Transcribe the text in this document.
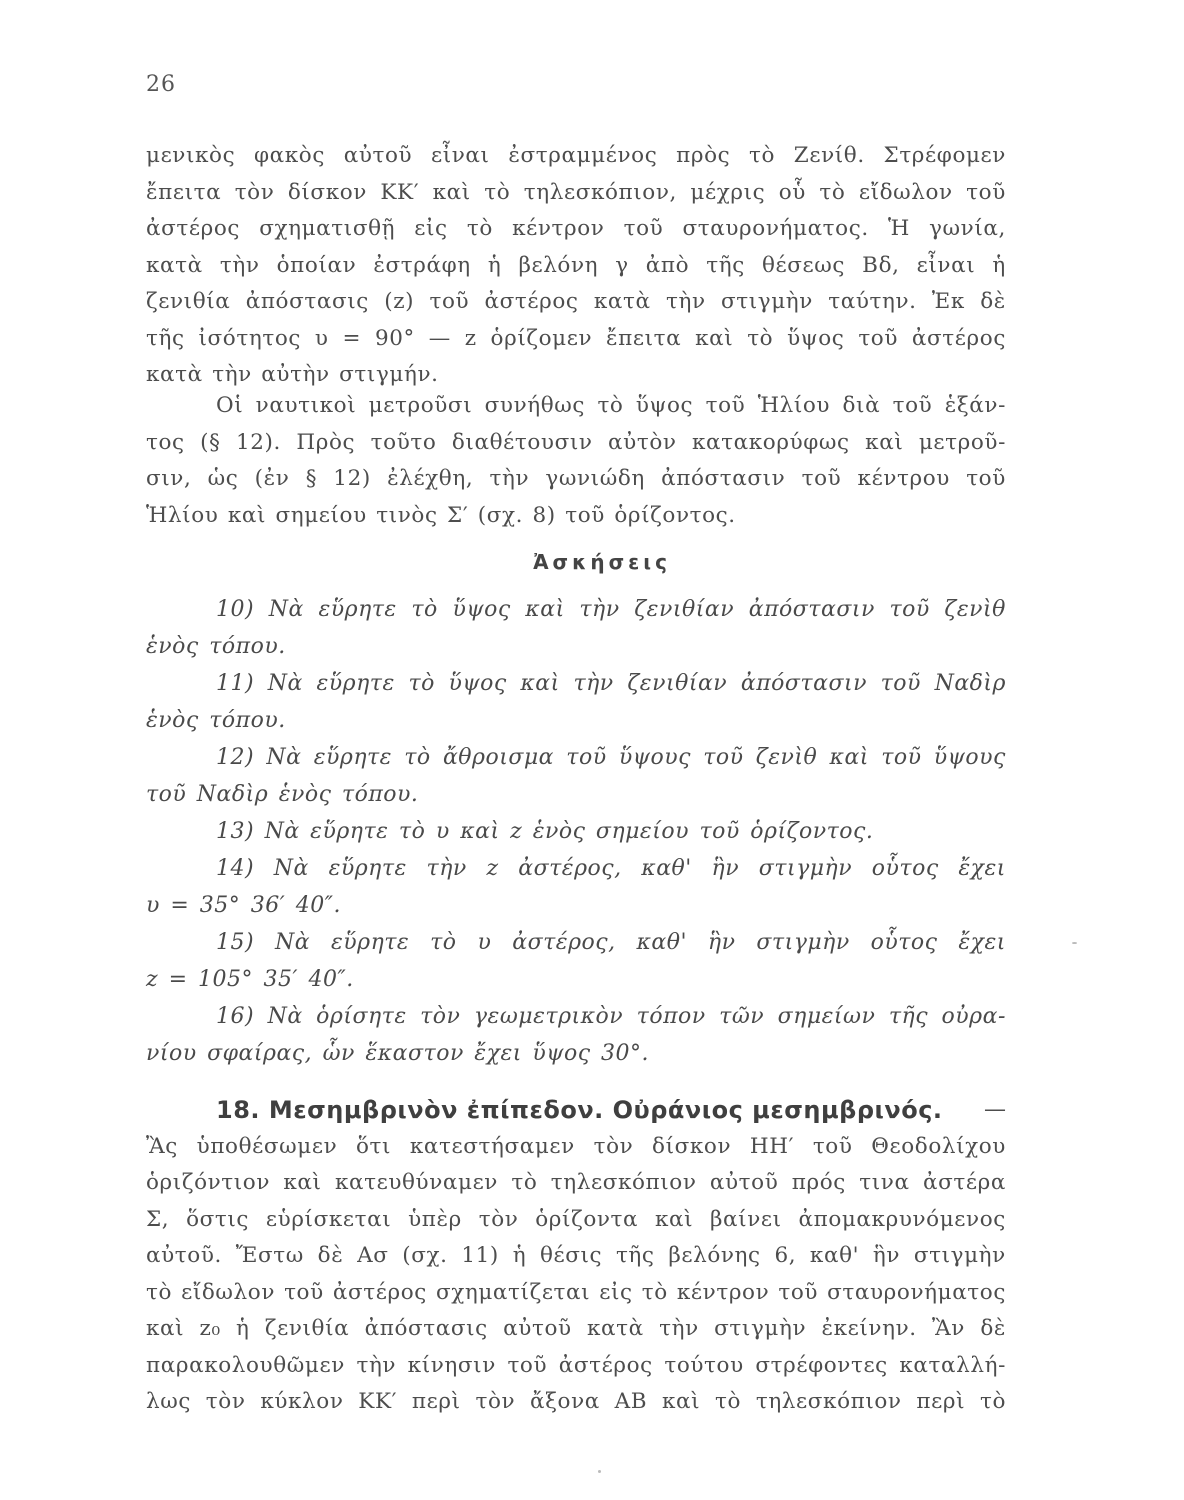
26
μενικὸς φακὸς αὐτοῦ εἶναι ἐστραμμένος πρὸς τὸ Ζενίθ. Στρέφομεν
ἔπειτα τὸν δίσκον ΚΚ′ καὶ τὸ τηλεσκόπιον, μέχρις οὗ τὸ εἴδωλον τοῦ
ἀστέρος σχηματισθῇ εἰς τὸ κέντρον τοῦ σταυρονήματος. Ἡ γωνία,
κατὰ τὴν ὁποίαν ἐστράφη ἡ βελόνη γ ἀπὸ τῆς θέσεως Βδ, εἶναι ἡ
ζενιθία ἀπόστασις (z) τοῦ ἀστέρος κατὰ τὴν στιγμὴν ταύτην. Ἐκ δὲ
τῆς ἰσότητος υ = 90° — z ὁρίζομεν ἔπειτα καὶ τὸ ὕψος τοῦ ἀστέρος
κατὰ τὴν αὐτὴν στιγμήν.
Οἱ ναυτικοὶ μετροῦσι συνήθως τὸ ὕψος τοῦ Ἡλίου διὰ τοῦ ἑξάν-
τος (§ 12). Πρὸς τοῦτο διαθέτουσιν αὐτὸν κατακορύφως καὶ μετροῦ-
σιν, ὡς (ἐν § 12) ἐλέχθη, τὴν γωνιώδη ἀπόστασιν τοῦ κέντρου τοῦ
Ἡλίου καὶ σημείου τινὸς Σ′ (σχ. 8) τοῦ ὁρίζοντος.
Ἀσκήσεις
10) Νὰ εὕρητε τὸ ὕψος καὶ τὴν ζενιθίαν ἀπόστασιν τοῦ ζενὶθ
ἑνὸς τόπου.
11) Νὰ εὕρητε τὸ ὕψος καὶ τὴν ζενιθίαν ἀπόστασιν τοῦ Ναδὶρ
ἑνὸς τόπου.
12) Νὰ εὕρητε τὸ ἄθροισμα τοῦ ὕψους τοῦ ζενὶθ καὶ τοῦ ὕψους
τοῦ Ναδὶρ ἑνὸς τόπου.
13) Νὰ εὕρητε τὸ υ καὶ z ἑνὸς σημείου τοῦ ὁρίζοντος.
14) Νὰ εὕρητε τὴν z ἀστέρος, καθ' ἣν στιγμὴν οὗτος ἔχει
υ = 35° 36′ 40″.
15) Νὰ εὕρητε τὸ υ ἀστέρος, καθ' ἣν στιγμὴν οὗτος ἔχει
z = 105° 35′ 40″.
16) Νὰ ὁρίσητε τὸν γεωμετρικὸν τόπον τῶν σημείων τῆς οὐρα-
νίου σφαίρας, ὧν ἕκαστον ἔχει ὕψος 30°.
18. Μεσημβρινὸν ἐπίπεδον. Οὐράνιος μεσημβρινός. —
Ἂς ὑποθέσωμεν ὅτι κατεστήσαμεν τὸν δίσκον ΗΗ′ τοῦ Θεοδολίχου
ὁριζόντιον καὶ κατευθύναμεν τὸ τηλεσκόπιον αὐτοῦ πρός τινα ἀστέρα
Σ, ὅστις εὑρίσκεται ὑπὲρ τὸν ὁρίζοντα καὶ βαίνει ἀπομακρυνόμενος
αὐτοῦ. Ἔστω δὲ Ασ (σχ. 11) ἡ θέσις τῆς βελόνης 6, καθ' ἣν στιγμὴν
τὸ εἴδωλον τοῦ ἀστέρος σχηματίζεται εἰς τὸ κέντρον τοῦ σταυρονήματος
καὶ z₀ ἡ ζενιθία ἀπόστασις αὐτοῦ κατὰ τὴν στιγμὴν ἐκείνην. Ἂν δὲ
παρακολουθῶμεν τὴν κίνησιν τοῦ ἀστέρος τούτου στρέφοντες καταλλή-
λως τὸν κύκλον ΚΚ′ περὶ τὸν ἄξονα ΑΒ καὶ τὸ τηλεσκόπιον περὶ τὸ
